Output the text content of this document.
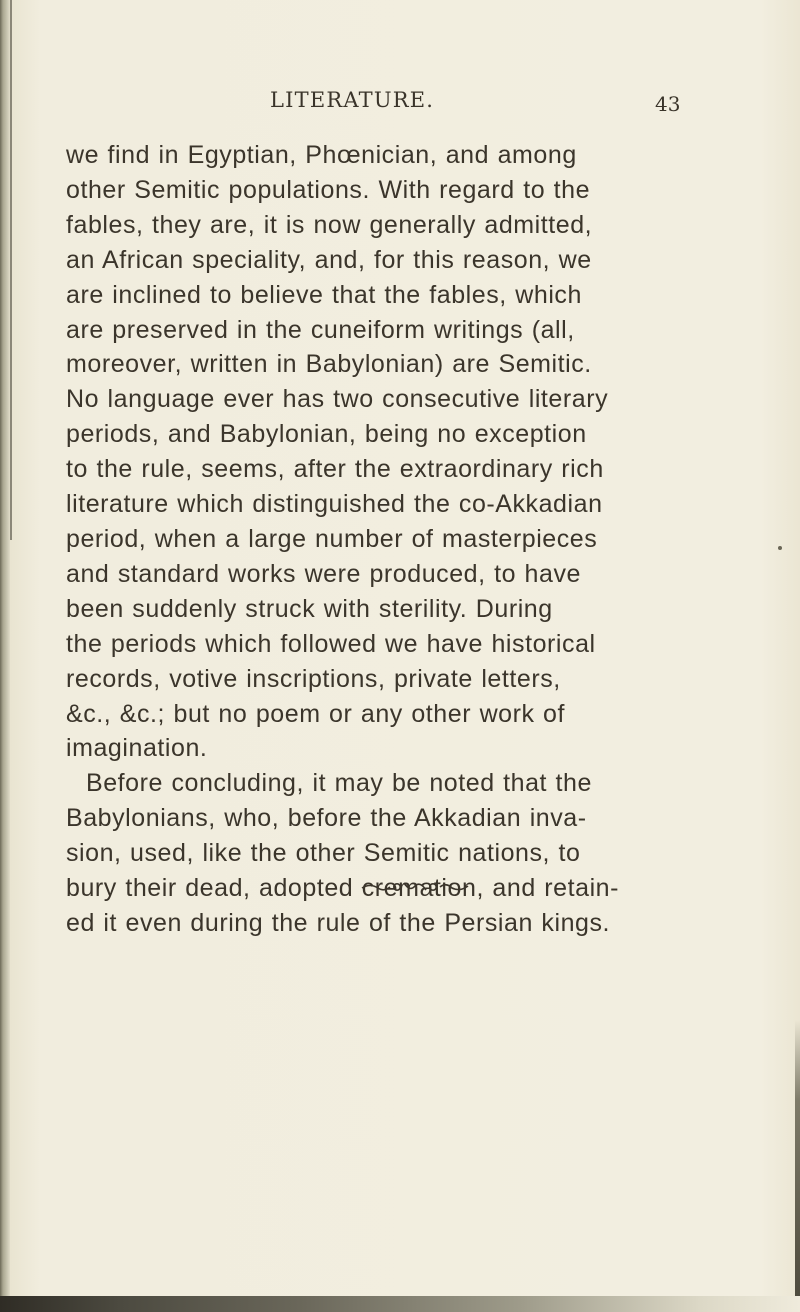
LITERATURE.	43
we find in Egyptian, Phœnician, and among
other Semitic populations. With regard to the
fables, they are, it is now generally admitted,
an African speciality, and, for this reason, we
are inclined to believe that the fables, which
are preserved in the cuneiform writings (all,
moreover, written in Babylonian) are Semitic.
No language ever has two consecutive literary
periods, and Babylonian, being no exception
to the rule, seems, after the extraordinary rich
literature which distinguished the co-Akkadian
period, when a large number of masterpieces
and standard works were produced, to have
been suddenly struck with sterility. During
the periods which followed we have historical
records, votive inscriptions, private letters,
&c., &c.; but no poem or any other work of
imagination.
Before concluding, it may be noted that the
Babylonians, who, before the Akkadian inva-
sion, used, like the other Semitic nations, to
bury their dead, adopted cremation, and retain-
ed it even during the rule of the Persian kings.
